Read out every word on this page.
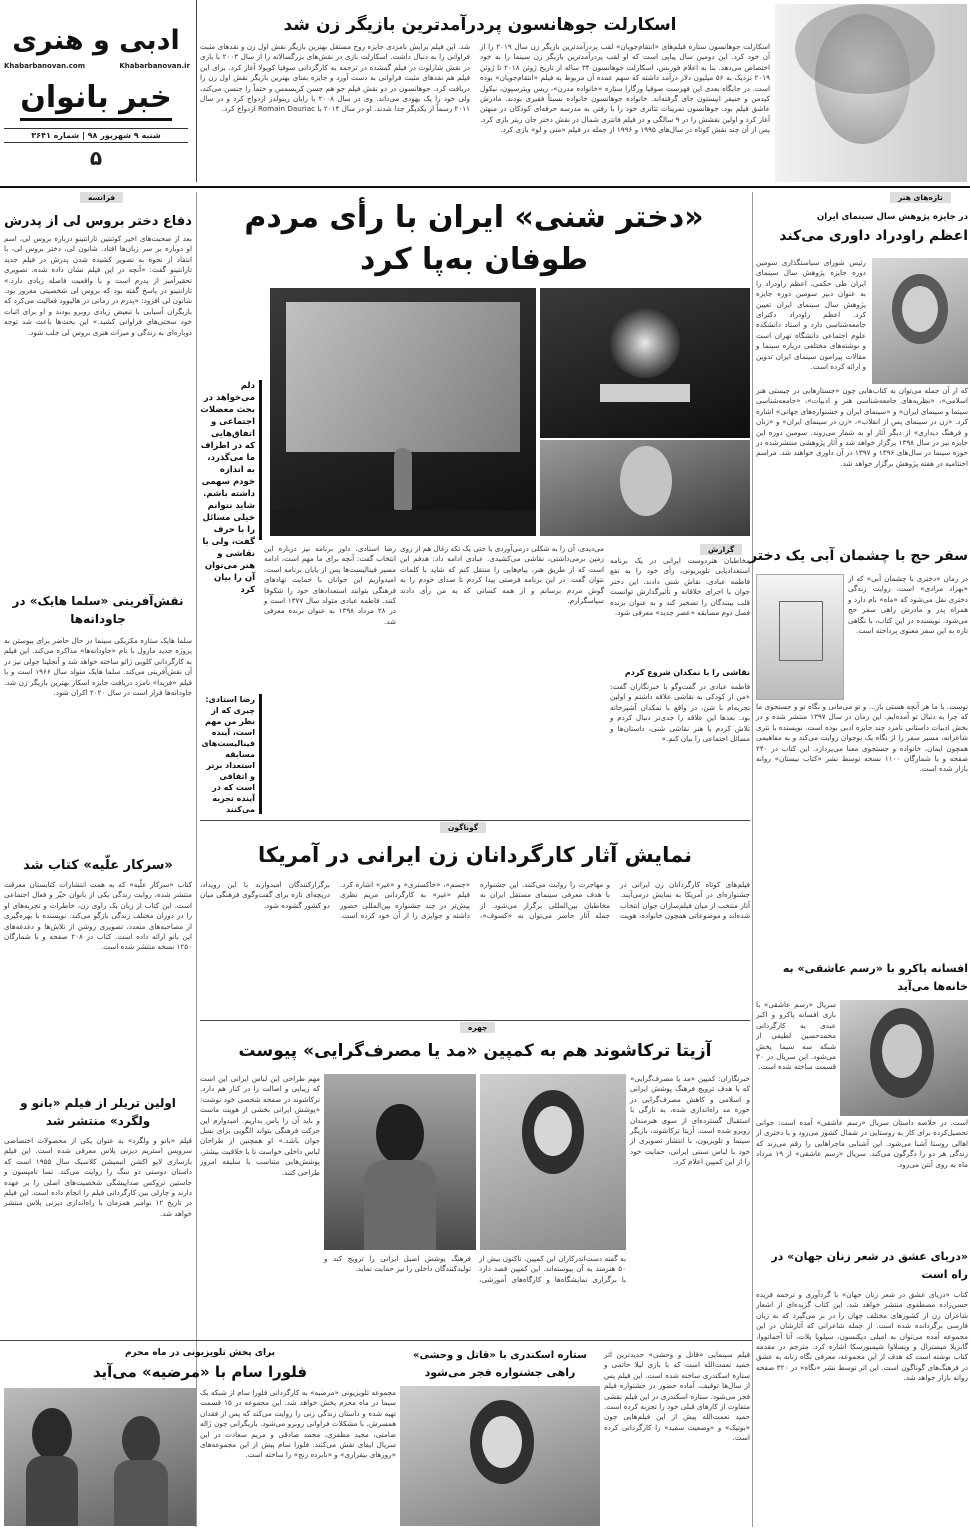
ادبی و هنری
Khabarbanovan.ir
Khabarbanovan.com
خبر بانوان
شنبه ۹ شهریور ۹۸ | شماره ۳۶۴۱
۵
اسکارلت جوهانسون پردرآمدترین بازیگر زن شد
اسکارلت جوهانسون ستاره فیلم‌های «انتقام‌جویان» لقب پردرآمدترین بازیگر زن سال ۲۰۱۹ را از آن خود کرد. این دومین سال پیاپی است که او لقب پردرآمدترین بازیگر زن سینما را به خود اختصاص می‌دهد. بنا به اعلام فوربس، اسکارلت جوهانسون ۳۴ ساله از تاریخ ژوئن ۲۰۱۸ تا ژوئن ۲۰۱۹ نزدیک به ۵۶ میلیون دلار درآمد داشته که سهم عمده آن مربوط به فیلم «انتقام‌جویان» بوده است. در جایگاه بعدی این فهرست صوفیا ورگارا ستاره «خانواده مدرن»، ریس ویترسپون، نیکول کیدمن و جنیفر انیستون جای گرفته‌اند. خانواده جوهانسون خانواده نسبتاً فقیری بودند. مادرش عاشق فیلم بود. جوهانسون تمرینات تئاتری خود را با رفتن به مدرسه حرفه‌ای کودکان در منهتن آغاز کرد و اولین نقشش را در ۹ سالگی و در فیلم فانتزی شمال در نقش دختر جان ریتر بازی کرد. پس از آن چند نقش کوتاه در سال‌های ۱۹۹۵ و ۱۹۹۶ از جمله در فیلم «منی و لو» بازی کرد.
شد. این فیلم برایش نامزدی جایزه روح مستقل بهترین بازیگر نقش اول زن و نقدهای مثبت فراوانی را به دنبال داشت. اسکارلت بازی در نقش‌های بزرگسالانه را از سال ۲۰۰۳ با بازی در نقش شارلوت در فیلم گمشده در ترجمه به کارگردانی سوفیا کوپولا آغاز کرد. برای این فیلم هم نقدهای مثبت فراوانی به دست آورد و جایزه بفتای بهترین بازیگر نقش اول زن را دریافت کرد. جوهانسون در دو نقش فیلم جو هم جسن کریسمس و حتماً را جنسن می‌کند، ولی خود را یک یهودی می‌داند. وی در سال ۲۰۰۸ با رایان رینولدز ازدواج کرد و در سال ۲۰۱۱ رسماً از یکدیگر جدا شدند. او در سال ۲۰۱۴ با Romain Dauriac ازدواج کرد.
تازه‌های هنر
در جایزه پژوهش سال سینمای ایران
اعظم راودراد داوری می‌کند
رئیس شورای سیاستگذاری سومین دوره جایزه پژوهش سال سینمای ایران طی حکمی، اعظم راودراد را به عنوان دبیر سومین دوره جایزه پژوهش سال سینمای ایران تعیین کرد. اعظم راودراد دکترای جامعه‌شناسی دارد و استاد دانشکده علوم اجتماعی دانشگاه تهران است و نوشته‌های مختلفی درباره سینما و مقالات پیرامون سینمای ایران تدوین و ارائه کرده است.
که از آن جمله می‌توان به کتاب‌هایی چون «جستارهایی در چیستی هنر اسلامی»، «نظریه‌های جامعه‌شناسی هنر و ادبیات»، «جامعه‌شناسی سینما و سینمای ایران» و «سینمای ایران و جشنواره‌های جهانی» اشاره کرد. «زن در سینمای پس از انقلاب»، «زن در سینمای ایران» و «زنان و فرهنگ دیداری» از دیگر آثار او به شمار می‌روند. سومین دوره این جایزه نیز در سال ۱۳۹۸ برگزار خواهد شد و آثار پژوهشی منتشرشده در حوزه سینما در سال‌های ۱۳۹۶ و ۱۳۹۷ در آن داوری خواهند شد. مراسم اختتامیه در هفته پژوهش برگزار خواهد شد.
سفر حج با چشمان آبی یک دختر
در رمان «دختری با چشمان آبی» که از «بهزاد مرادی» است، روایت زندگی دختری نقل می‌شود که «ماه» نام دارد و همراه پدر و مادرش راهی سفر حج می‌شود. نویسنده در این کتاب، با نگاهی تازه به این سفر معنوی پرداخته است.
توست. با ما هر آنچه هستی باز... و تو می‌مانی و نگاه تو و جستجوی ما که چرا به دنبال تو آمده‌ایم. این رمان در سال ۱۳۹۷ منتشر شده و در بخش ادبیات داستانی نامزد چند جایزه ادبی بوده است. نویسنده با نثری شاعرانه، مسیر سفر را از نگاه یک نوجوان روایت می‌کند و به مفاهیمی همچون ایمان، خانواده و جستجوی معنا می‌پردازد. این کتاب در ۲۴۰ صفحه و با شمارگان ۱۱۰۰ نسخه توسط نشر «کتاب نیستان» روانه بازار شده است.
افسانه پاکرو با «رسم عاشقی» به خانه‌ها می‌آید
سریال «رسم عاشقی» با بازی افسانه پاکرو و اکبر عبدی به کارگردانی محمدحسین لطیفی از شبکه سه سیما پخش می‌شود. این سریال در ۳۰ قسمت ساخته شده است.
است. در خلاصه داستان سریال «رسم عاشقی» آمده است: جوانی تحصیل‌کرده برای کار به روستایی در شمال کشور می‌رود و با دختری از اهالی روستا آشنا می‌شود. این آشنایی ماجراهایی را رقم می‌زند که زندگی هر دو را دگرگون می‌کند. سریال «رسم عاشقی» از ۱۹ مرداد ماه به روی آنتن می‌رود.
«دریای عشق در شعر زنان جهان» در راه است
کتاب «دریای عشق در شعر زنان جهان» با گردآوری و ترجمه فریده حسن‌زاده مصطفوی منتشر خواهد شد. این کتاب گزیده‌ای از اشعار شاعران زن از کشورهای مختلف جهان را در بر می‌گیرد که به زبان فارسی برگردانده شده است. از جمله شاعرانی که آثارشان در این مجموعه آمده می‌توان به امیلی دیکنسون، سیلویا پلات، آنا آخماتووا، گابریلا میسترال و ویسلاوا شیمبورسکا اشاره کرد. مترجم در مقدمه کتاب نوشته است که هدف از این مجموعه، معرفی نگاه زنانه به عشق در فرهنگ‌های گوناگون است. این اثر توسط نشر «نگاه» در ۳۲۰ صفحه روانه بازار خواهد شد.
فرانسه
دفاع دختر بروس لی از پدرش
بعد از صحبت‌های اخیر کوئنتین تارانتینو درباره بروس لی، اسم او دوباره بر سر زبان‌ها افتاد. شانون لی، دختر بروس لی، با انتقاد از نحوه به تصویر کشیده شدن پدرش در فیلم جدید تارانتینو گفت: «آنچه در این فیلم نشان داده شده، تصویری تحقیرآمیز از پدرم است و با واقعیت فاصله زیادی دارد.» تارانتینو در پاسخ گفته بود که بروس لی شخصیتی مغرور بود. شانون لی افزود: «پدرم در زمانی در هالیوود فعالیت می‌کرد که بازیگران آسیایی با تبعیض زیادی روبرو بودند و او برای اثبات خود سختی‌های فراوانی کشید.» این بحث‌ها باعث شد توجه دوباره‌ای به زندگی و میراث هنری بروس لی جلب شود.
نقش‌آفرینی «سلما هایک» در جاودانه‌ها
سلما هایک ستاره مکزیکی سینما در حال حاضر برای پیوستن به پروژه جدید مارول با نام «جاودانه‌ها» مذاکره می‌کند. این فیلم به کارگردانی کلویی ژائو ساخته خواهد شد و آنجلینا جولی نیز در آن نقش‌آفرینی می‌کند. سلما هایک متولد سال ۱۹۶۶ است و با فیلم «فریدا» نامزد دریافت جایزه اسکار بهترین بازیگر زن شد. جاودانه‌ها قرار است در سال ۲۰۲۰ اکران شود.
«سرکار علّیه» کتاب شد
کتاب «سرکار علّیه» که به همت انتشارات کتابستان معرفت منتشر شده، روایت زندگی یکی از بانوان خیّر و فعال اجتماعی است. این کتاب از زبان یک راوی زن، خاطرات و تجربه‌های او را در دوران مختلف زندگی بازگو می‌کند. نویسنده با بهره‌گیری از مصاحبه‌های متعدد، تصویری روشن از تلاش‌ها و دغدغه‌های این بانو ارائه داده است. کتاب در ۲۰۸ صفحه و با شمارگان ۱۲۵۰ نسخه منتشر شده است.
اولین تریلر از فیلم «بانو و ولگرد» منتشر شد
فیلم «بانو و ولگرد» به عنوان یکی از محصولات اختصاصی سرویس استریم دیزنی پلاس معرفی شده است. این فیلم بازسازی لایو اکشن انیمیشن کلاسیک سال ۱۹۵۵ است که داستان دوستی دو سگ را روایت می‌کند. تسا تامپسون و جاستین ثروکس صداپیشگی شخصیت‌های اصلی را بر عهده دارند و چارلی بین کارگردانی فیلم را انجام داده است. این فیلم در تاریخ ۱۲ نوامبر همزمان با راه‌اندازی دیزنی پلاس منتشر خواهد شد.
«دختر شنی» ایران با رأی مردم
طوفان به‌پا کرد
دلم می‌خواهد در بحث معضلات اجتماعی و اتفاق‌هایی که در اطراف ما می‌گذرد، به اندازه خودم سهمی داشته باشم. شاید نتوانم خیلی مسائل را با حرف گفت، ولی با نقاشی و هنر می‌توان آن را بیان کرد
گزارش
مخاطبان هنردوست ایرانی در یک برنامه استعدادیابی تلویزیونی، رأی خود را به نفع فاطمه عبادی، نقاش شنی دادند. این دختر جوان با اجرای خلاقانه و تأثیرگذارش توانست قلب بینندگان را تسخیر کند و به عنوان برنده فصل دوم مسابقه «عصر جدید» معرفی شود.
نقاشی را با نمکدان شروع کردم
فاطمه عبادی در گفت‌وگو با خبرنگاران گفت: «من از کودکی به نقاشی علاقه داشتم و اولین تجربه‌ام با شن، در واقع با نمکدان آشپزخانه بود. بعدها این علاقه را جدی‌تر دنبال کردم و تلاش کردم با هنر نقاشی شنی، داستان‌ها و مسائل اجتماعی را بیان کنم.»
می‌دیدی، آن را به شکلی درمی‌آوردی یا حتی یک تکه زغال هم از روی زمین برمی‌داشتی، نقاشی می‌کشیدی. عبادی ادامه داد: هدفم این است که از طریق هنر، پیام‌هایی را منتقل کنم که شاید با کلمات نتوان گفت. در این برنامه فرصتی پیدا کردم تا صدای خودم را به گوش مردم برسانم و از همه کسانی که به من رأی دادند سپاسگزارم.
رضا استادی، داور برنامه نیز درباره این انتخاب گفت: آنچه برای ما مهم است، ادامه مسیر فینالیست‌ها پس از پایان برنامه است. امیدواریم این جوانان با حمایت نهادهای فرهنگی بتوانند استعدادهای خود را شکوفا کنند. فاطمه عبادی متولد سال ۱۳۷۷ است و در ۲۸ مرداد ۱۳۹۸ به عنوان برنده معرفی شد.
رضا استادی: چیزی که از نظر من مهم است، آینده فینالیست‌های مسابقه استعداد برتر و اتفاقی است که در آینده تجربه می‌کنند
گوناگون
نمایش آثار کارگردانان زن ایرانی در آمریکا
فیلم‌های کوتاه کارگردانان زن ایرانی در جشنواره‌ای در آمریکا به نمایش درمی‌آیند. آثار منتخب از میان فیلم‌سازان جوان انتخاب شده‌اند و موضوعاتی همچون خانواده، هویت و مهاجرت را روایت می‌کنند. این جشنواره با هدف معرفی سینمای مستقل ایران به مخاطبان بین‌المللی برگزار می‌شود. از جمله آثار حاضر می‌توان به «کسوف»، «جسم»، «خاکستری» و «غیر» اشاره کرد. فیلم «غیر» به کارگردانی مریم نظری پیش‌تر در چند جشنواره بین‌المللی حضور داشته و جوایزی را از آن خود کرده است. برگزارکنندگان امیدوارند با این رویداد، دریچه‌ای تازه برای گفت‌وگوی فرهنگی میان دو کشور گشوده شود.
چهره
آزیتا ترکاشوند هم به کمپین «مد یا مصرف‌گرایی» پیوست
خبرنگاران: کمپین «مد یا مصرف‌گرایی» که با هدف ترویج فرهنگ پوشش ایرانی و اسلامی و کاهش مصرف‌گرایی در حوزه مد راه‌اندازی شده، به تازگی با استقبال گسترده‌ای از سوی هنرمندان روبرو شده است. آزیتا ترکاشوند، بازیگر سینما و تلویزیون، با انتشار تصویری از خود با لباس سنتی ایرانی، حمایت خود را از این کمپین اعلام کرد.
مهم طراحی این لباس ایرانی این است که زیبایی و اصالت را در کنار هم دارد. ترکاشوند در صفحه شخصی خود نوشت: «پوشش ایرانی بخشی از هویت ماست و باید آن را پاس بداریم. امیدوارم این حرکت فرهنگی بتواند الگویی برای نسل جوان باشد.» او همچنین از طراحان لباس داخلی خواست تا با خلاقیت بیشتر، پوشش‌هایی متناسب با سلیقه امروز طراحی کنند.
به گفته دست‌اندرکاران این کمپین، تاکنون بیش از ۵۰ هنرمند به آن پیوسته‌اند. این کمپین قصد دارد با برگزاری نمایشگاه‌ها و کارگاه‌های آموزشی، فرهنگ پوشش اصیل ایرانی را ترویج کند و تولیدکنندگان داخلی را نیز حمایت نماید.
ستاره اسکندری با «قاتل و وحشی»
راهی جشنواره فجر می‌شود
فیلم سینمایی «قاتل و وحشی» جدیدترین اثر حمید نعمت‌الله است که با بازی لیلا حاتمی و ستاره اسکندری ساخته شده است. این فیلم پس از سال‌ها توقیف، آماده حضور در جشنواره فیلم فجر می‌شود. ستاره اسکندری در این فیلم نقشی متفاوت از کارهای قبلی خود را تجربه کرده است. حمید نعمت‌الله پیش از این فیلم‌هایی چون «بوتیک» و «وضعیت سفید» را کارگردانی کرده است.
برای پخش تلویزیونی در ماه محرم
فلورا سام با «مرضیه» می‌آید
مجموعه تلویزیونی «مرضیه» به کارگردانی فلورا سام از شبکه یک سیما در ماه محرم پخش خواهد شد. این مجموعه در ۱۵ قسمت تهیه شده و داستان زندگی زنی را روایت می‌کند که پس از فقدان همسرش، با مشکلات فراوانی روبرو می‌شود. بازیگرانی چون ژاله صامتی، مجید مظفری، محمد صادقی و مریم سعادت در این سریال ایفای نقش می‌کنند. فلورا سام پیش از این مجموعه‌های «روزهای بیقراری» و «نابرده رنج» را ساخته است.
